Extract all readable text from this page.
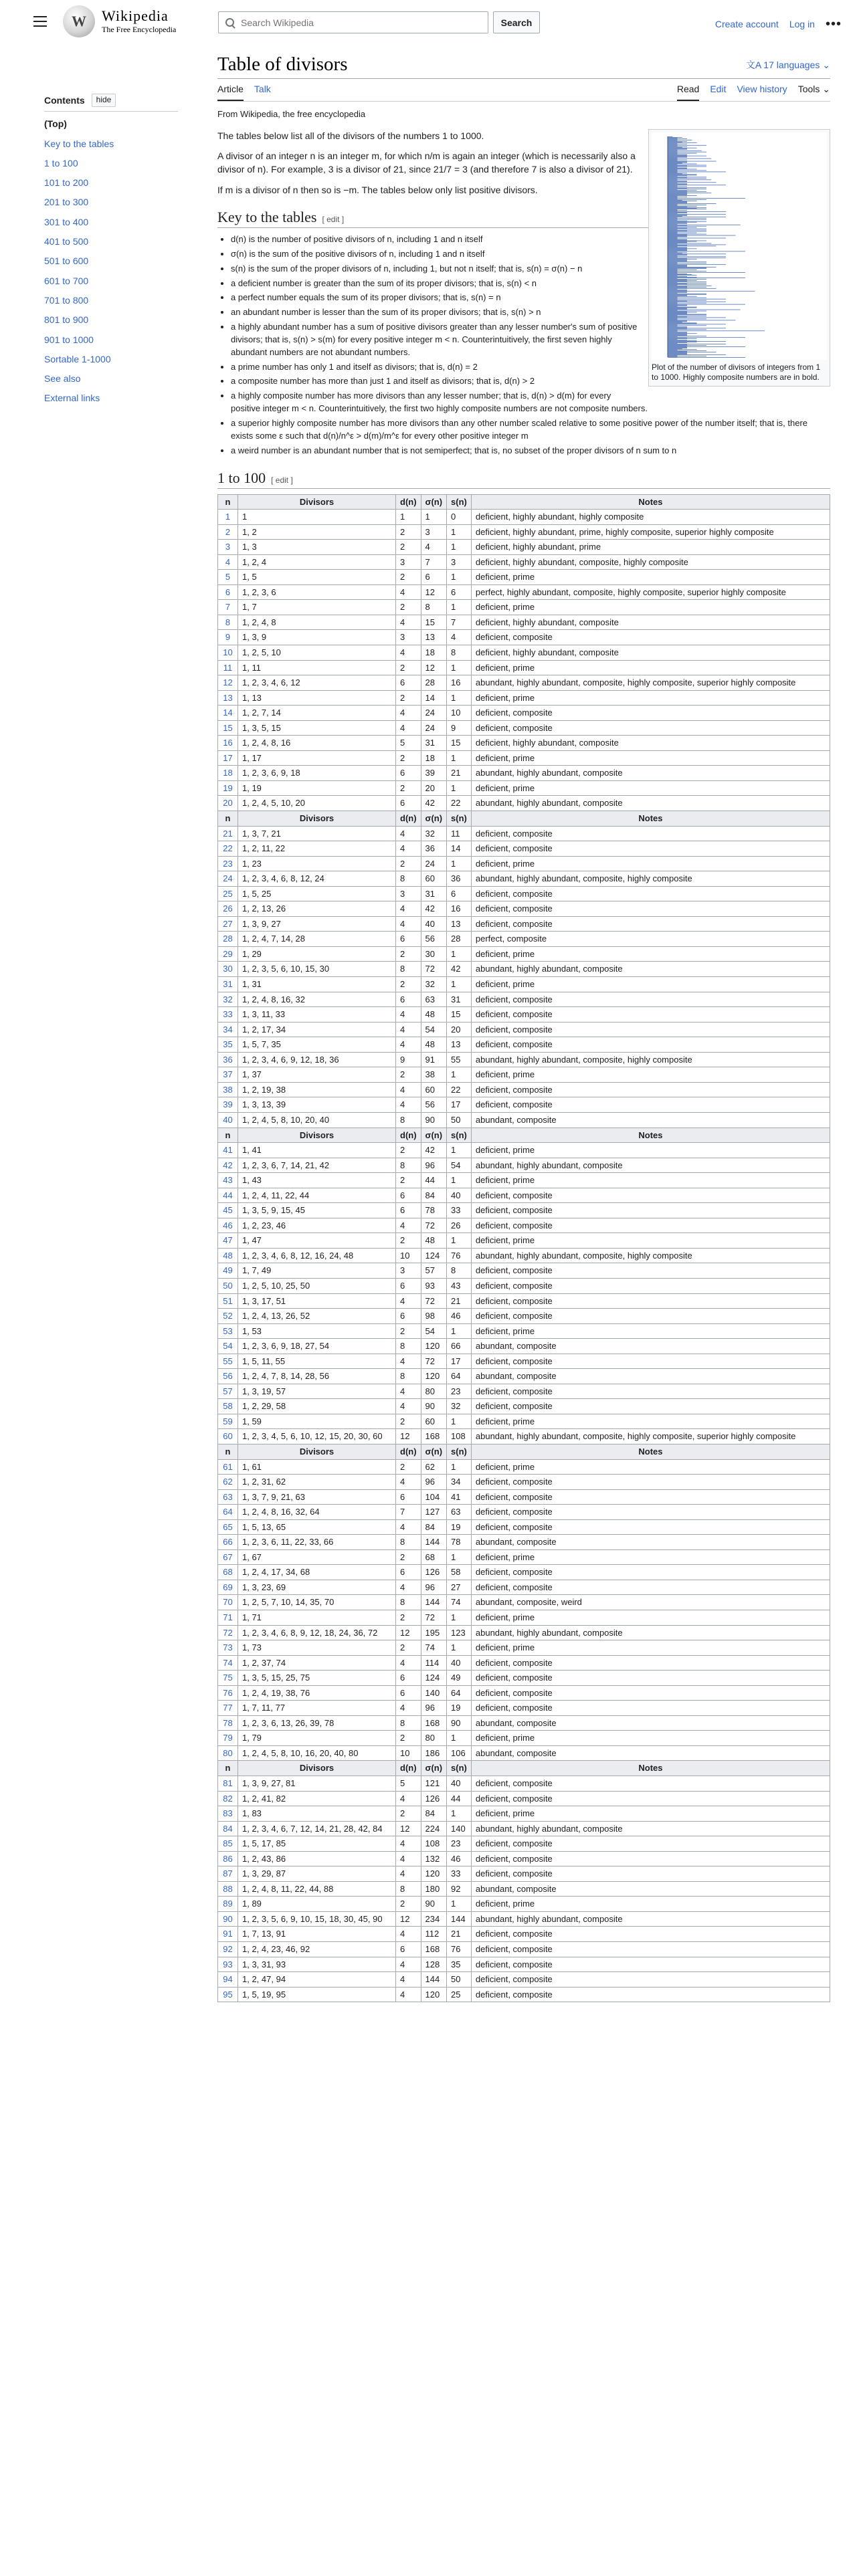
W	Wikipedia
The Free Encyclopedia
Search Wikipedia
Search	Create account Log in •••
Contents	hide
(Top)
Key to the tables
1 to 100
101 to 200
201 to 300
301 to 400
401 to 500
501 to 600
601 to 700
701 to 800
801 to 900
901 to 1000
Sortable 1-1000
See also
External links
Table of divisors	文A 17 languages ⌄
Article Talk	Read Edit View history Tools ⌄
From Wikipedia, the free encyclopedia
Plot of the number of divisors of integers from 1 to 1000. Highly composite numbers are in bold.

The tables below list all of the divisors of the numbers 1 to 1000.

A divisor of an integer n is an integer m, for which n/m is again an integer (which is necessarily also a divisor of n). For example, 3 is a divisor of 21, since 21/7 = 3 (and therefore 7 is also a divisor of 21).

If m is a divisor of n then so is −m. The tables below only list positive divisors.

Key to the tables [ edit ]
• d(n) is the number of positive divisors of n, including 1 and n itself
• σ(n) is the sum of the positive divisors of n, including 1 and n itself
• s(n) is the sum of the proper divisors of n, including 1, but not n itself; that is, s(n) = σ(n) − n
• a deficient number is greater than the sum of its proper divisors; that is, s(n) < n
• a perfect number equals the sum of its proper divisors; that is, s(n) = n
• an abundant number is lesser than the sum of its proper divisors; that is, s(n) > n
• a highly abundant number has a sum of positive divisors greater than any lesser number's sum of positive divisors; that is, s(n) > s(m) for every positive integer m < n. Counterintuitively, the first seven highly abundant numbers are not abundant numbers.
• a prime number has only 1 and itself as divisors; that is, d(n) = 2
• a composite number has more than just 1 and itself as divisors; that is, d(n) > 2
• a highly composite number has more divisors than any lesser number; that is, d(n) > d(m) for every positive integer m < n. Counterintuitively, the first two highly composite numbers are not composite numbers.
• a superior highly composite number has more divisors than any other number scaled relative to some positive power of the number itself; that is, there exists some ε such that d(n)/n^ε > d(m)/m^ε for every other positive integer m
• a weird number is an abundant number that is not semiperfect; that is, no subset of the proper divisors of n sum to n
1 to 100 [ edit ]
n	Divisors	d(n)	σ(n)	s(n)	Notes
1	1	1	1	0	deficient, highly abundant, highly composite
2	1, 2	2	3	1	deficient, highly abundant, prime, highly composite, superior highly composite
3	1, 3	2	4	1	deficient, highly abundant, prime
4	1, 2, 4	3	7	3	deficient, highly abundant, composite, highly composite
5	1, 5	2	6	1	deficient, prime
6	1, 2, 3, 6	4	12	6	perfect, highly abundant, composite, highly composite, superior highly composite
7	1, 7	2	8	1	deficient, prime
8	1, 2, 4, 8	4	15	7	deficient, highly abundant, composite
9	1, 3, 9	3	13	4	deficient, composite
10	1, 2, 5, 10	4	18	8	deficient, highly abundant, composite
11	1, 11	2	12	1	deficient, prime
12	1, 2, 3, 4, 6, 12	6	28	16	abundant, highly abundant, composite, highly composite, superior highly composite
13	1, 13	2	14	1	deficient, prime
14	1, 2, 7, 14	4	24	10	deficient, composite
15	1, 3, 5, 15	4	24	9	deficient, composite
16	1, 2, 4, 8, 16	5	31	15	deficient, highly abundant, composite
17	1, 17	2	18	1	deficient, prime
18	1, 2, 3, 6, 9, 18	6	39	21	abundant, highly abundant, composite
19	1, 19	2	20	1	deficient, prime
20	1, 2, 4, 5, 10, 20	6	42	22	abundant, highly abundant, composite
n	Divisors	d(n)	σ(n)	s(n)	Notes
21	1, 3, 7, 21	4	32	11	deficient, composite
22	1, 2, 11, 22	4	36	14	deficient, composite
23	1, 23	2	24	1	deficient, prime
24	1, 2, 3, 4, 6, 8, 12, 24	8	60	36	abundant, highly abundant, composite, highly composite
25	1, 5, 25	3	31	6	deficient, composite
26	1, 2, 13, 26	4	42	16	deficient, composite
27	1, 3, 9, 27	4	40	13	deficient, composite
28	1, 2, 4, 7, 14, 28	6	56	28	perfect, composite
29	1, 29	2	30	1	deficient, prime
30	1, 2, 3, 5, 6, 10, 15, 30	8	72	42	abundant, highly abundant, composite
31	1, 31	2	32	1	deficient, prime
32	1, 2, 4, 8, 16, 32	6	63	31	deficient, composite
33	1, 3, 11, 33	4	48	15	deficient, composite
34	1, 2, 17, 34	4	54	20	deficient, composite
35	1, 5, 7, 35	4	48	13	deficient, composite
36	1, 2, 3, 4, 6, 9, 12, 18, 36	9	91	55	abundant, highly abundant, composite, highly composite
37	1, 37	2	38	1	deficient, prime
38	1, 2, 19, 38	4	60	22	deficient, composite
39	1, 3, 13, 39	4	56	17	deficient, composite
40	1, 2, 4, 5, 8, 10, 20, 40	8	90	50	abundant, composite
n	Divisors	d(n)	σ(n)	s(n)	Notes
41	1, 41	2	42	1	deficient, prime
42	1, 2, 3, 6, 7, 14, 21, 42	8	96	54	abundant, highly abundant, composite
43	1, 43	2	44	1	deficient, prime
44	1, 2, 4, 11, 22, 44	6	84	40	deficient, composite
45	1, 3, 5, 9, 15, 45	6	78	33	deficient, composite
46	1, 2, 23, 46	4	72	26	deficient, composite
47	1, 47	2	48	1	deficient, prime
48	1, 2, 3, 4, 6, 8, 12, 16, 24, 48	10	124	76	abundant, highly abundant, composite, highly composite
49	1, 7, 49	3	57	8	deficient, composite
50	1, 2, 5, 10, 25, 50	6	93	43	deficient, composite
51	1, 3, 17, 51	4	72	21	deficient, composite
52	1, 2, 4, 13, 26, 52	6	98	46	deficient, composite
53	1, 53	2	54	1	deficient, prime
54	1, 2, 3, 6, 9, 18, 27, 54	8	120	66	abundant, composite
55	1, 5, 11, 55	4	72	17	deficient, composite
56	1, 2, 4, 7, 8, 14, 28, 56	8	120	64	abundant, composite
57	1, 3, 19, 57	4	80	23	deficient, composite
58	1, 2, 29, 58	4	90	32	deficient, composite
59	1, 59	2	60	1	deficient, prime
60	1, 2, 3, 4, 5, 6, 10, 12, 15, 20, 30, 60	12	168	108	abundant, highly abundant, composite, highly composite, superior highly composite
n	Divisors	d(n)	σ(n)	s(n)	Notes
61	1, 61	2	62	1	deficient, prime
62	1, 2, 31, 62	4	96	34	deficient, composite
63	1, 3, 7, 9, 21, 63	6	104	41	deficient, composite
64	1, 2, 4, 8, 16, 32, 64	7	127	63	deficient, composite
65	1, 5, 13, 65	4	84	19	deficient, composite
66	1, 2, 3, 6, 11, 22, 33, 66	8	144	78	abundant, composite
67	1, 67	2	68	1	deficient, prime
68	1, 2, 4, 17, 34, 68	6	126	58	deficient, composite
69	1, 3, 23, 69	4	96	27	deficient, composite
70	1, 2, 5, 7, 10, 14, 35, 70	8	144	74	abundant, composite, weird
71	1, 71	2	72	1	deficient, prime
72	1, 2, 3, 4, 6, 8, 9, 12, 18, 24, 36, 72	12	195	123	abundant, highly abundant, composite
73	1, 73	2	74	1	deficient, prime
74	1, 2, 37, 74	4	114	40	deficient, composite
75	1, 3, 5, 15, 25, 75	6	124	49	deficient, composite
76	1, 2, 4, 19, 38, 76	6	140	64	deficient, composite
77	1, 7, 11, 77	4	96	19	deficient, composite
78	1, 2, 3, 6, 13, 26, 39, 78	8	168	90	abundant, composite
79	1, 79	2	80	1	deficient, prime
80	1, 2, 4, 5, 8, 10, 16, 20, 40, 80	10	186	106	abundant, composite
n	Divisors	d(n)	σ(n)	s(n)	Notes
81	1, 3, 9, 27, 81	5	121	40	deficient, composite
82	1, 2, 41, 82	4	126	44	deficient, composite
83	1, 83	2	84	1	deficient, prime
84	1, 2, 3, 4, 6, 7, 12, 14, 21, 28, 42, 84	12	224	140	abundant, highly abundant, composite
85	1, 5, 17, 85	4	108	23	deficient, composite
86	1, 2, 43, 86	4	132	46	deficient, composite
87	1, 3, 29, 87	4	120	33	deficient, composite
88	1, 2, 4, 8, 11, 22, 44, 88	8	180	92	abundant, composite
89	1, 89	2	90	1	deficient, prime
90	1, 2, 3, 5, 6, 9, 10, 15, 18, 30, 45, 90	12	234	144	abundant, highly abundant, composite
91	1, 7, 13, 91	4	112	21	deficient, composite
92	1, 2, 4, 23, 46, 92	6	168	76	deficient, composite
93	1, 3, 31, 93	4	128	35	deficient, composite
94	1, 2, 47, 94	4	144	50	deficient, composite
95	1, 5, 19, 95	4	120	25	deficient, composite
